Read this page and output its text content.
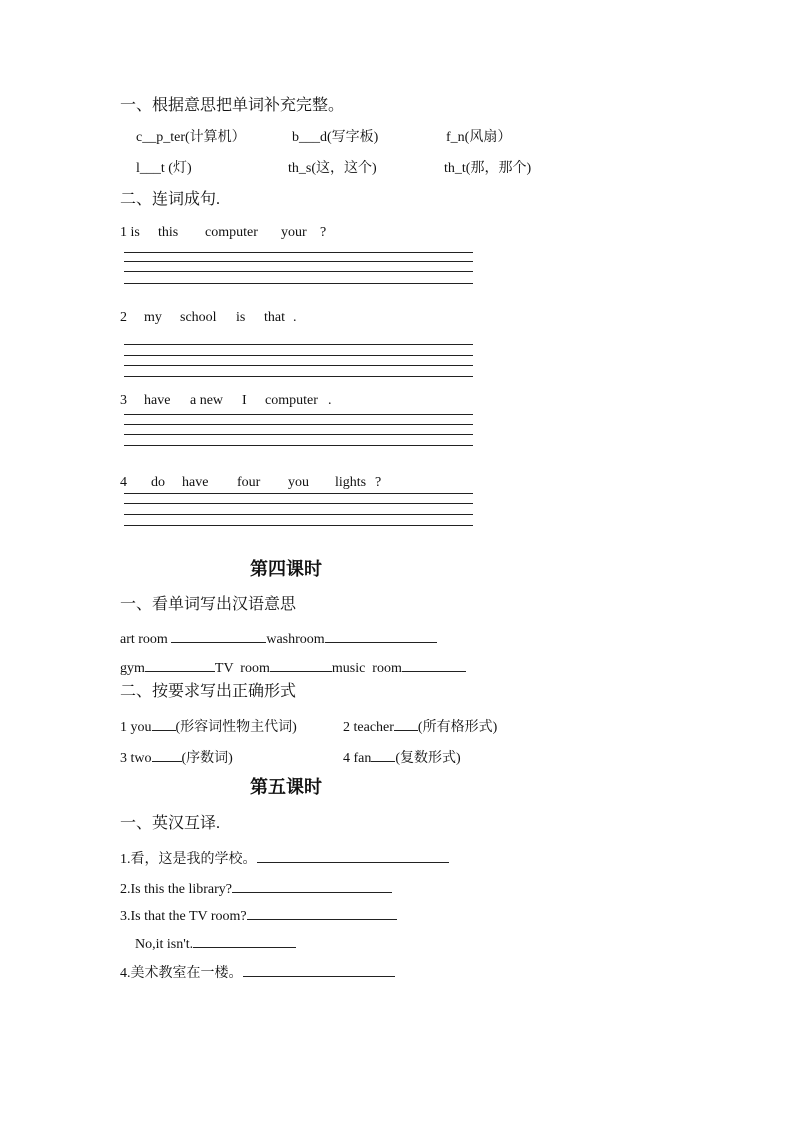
一、根据意思把单词补充完整。
c__p_ter(计算机）	b___d(写字板)	f_n(风扇）
l___t (灯)	th_s(这，这个)	th_t(那，那个)
二、连词成句.
1 is this computer your ?
2 my school is that .
3 have a new I computer .
4 do have four you lights ?
第四课时
一、看单词写出汉语意思
art room	washroom
gym	TV  room	music  room
二、按要求写出正确形式
1 you (形容词性物主代词)	2 teacher (所有格形式)
3 two (序数词)	4 fan (复数形式)
第五课时
一、英汉互译.
1.看，这是我的学校。
2.Is this the library?
3.Is that the TV room?
No,it isn't.
4.美术教室在一楼。
